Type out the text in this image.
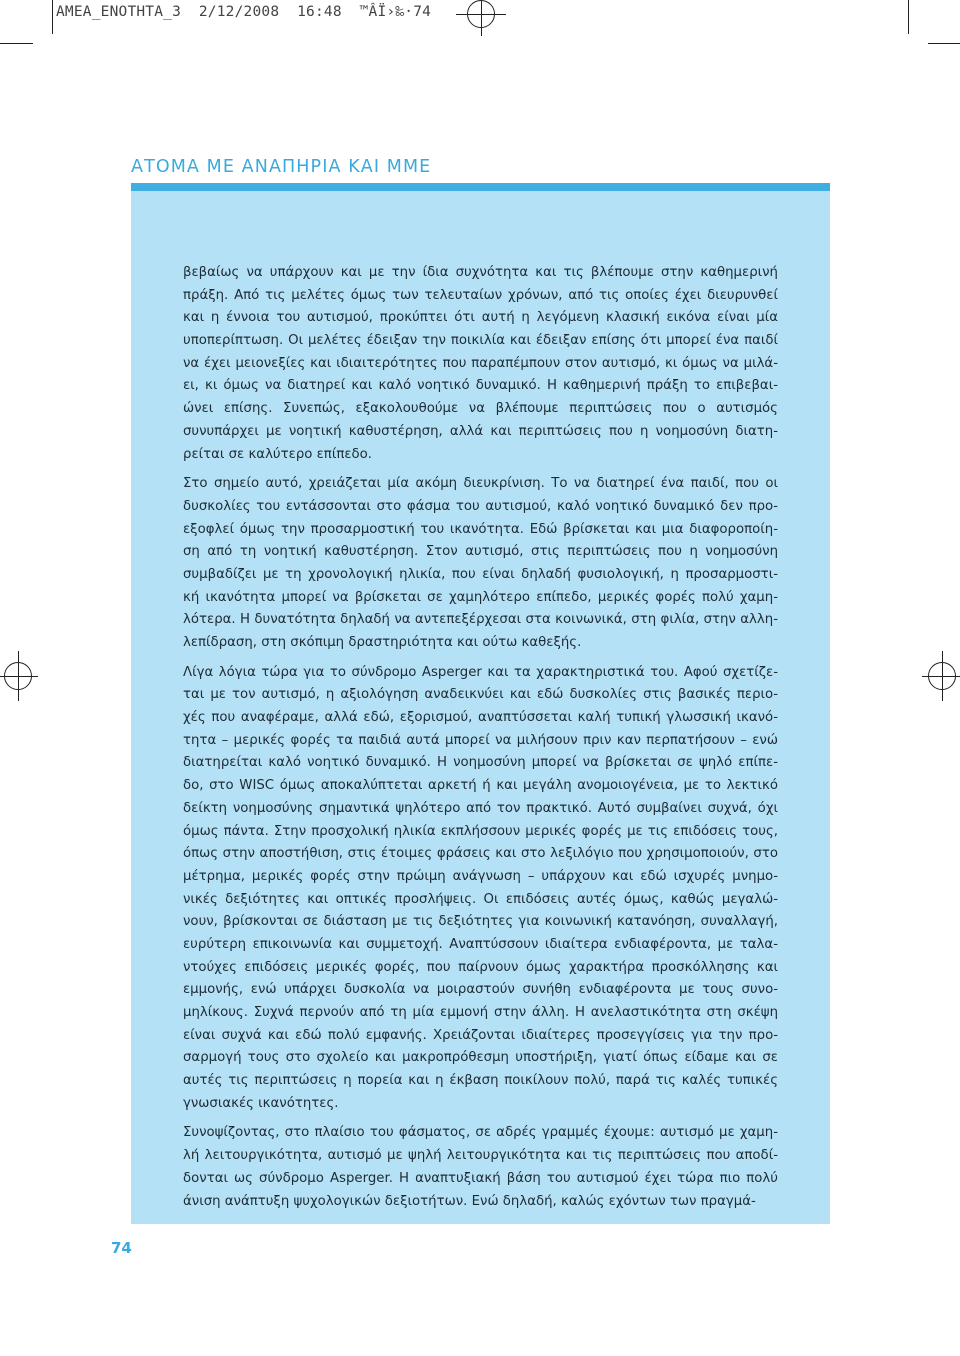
AMEA_ENOTHTA_3  2/12/2008  16:48  ™ÂÏ›‰·74
ΑΤΟΜΑ ΜΕ ΑΝΑΠΗΡΙΑ ΚΑΙ ΜΜΕ
βεβαίως να υπάρχουν και με την ίδια συχνότητα και τις βλέπουμε στην καθημερινή
πράξη. Από τις μελέτες όμως των τελευταίων χρόνων, από τις οποίες έχει διευρυνθεί
και η έννοια του αυτισμού, προκύπτει ότι αυτή η λεγόμενη κλασική εικόνα είναι μία
υποπερίπτωση. Οι μελέτες έδειξαν την ποικιλία και έδειξαν επίσης ότι μπορεί ένα παιδί
να έχει μειονεξίες και ιδιαιτερότητες που παραπέμπουν στον αυτισμό, κι όμως να μιλά-
ει, κι όμως να διατηρεί και καλό νοητικό δυναμικό. Η καθημερινή πράξη το επιβεβαι-
ώνει επίσης. Συνεπώς, εξακολουθούμε να βλέπουμε περιπτώσεις που ο αυτισμός
συνυπάρχει με νοητική καθυστέρηση, αλλά και περιπτώσεις που η νοημοσύνη διατη-
ρείται σε καλύτερο επίπεδο.
Στο σημείο αυτό, χρειάζεται μία ακόμη διευκρίνιση. Το να διατηρεί ένα παιδί, που οι
δυσκολίες του εντάσσονται στο φάσμα του αυτισμού, καλό νοητικό δυναμικό δεν προ-
εξοφλεί όμως την προσαρμοστική του ικανότητα. Εδώ βρίσκεται και μια διαφοροποίη-
ση από τη νοητική καθυστέρηση. Στον αυτισμό, στις περιπτώσεις που η νοημοσύνη
συμβαδίζει με τη χρονολογική ηλικία, που είναι δηλαδή φυσιολογική, η προσαρμοστι-
κή ικανότητα μπορεί να βρίσκεται σε χαμηλότερο επίπεδο, μερικές φορές πολύ χαμη-
λότερα. Η δυνατότητα δηλαδή να αντεπεξέρχεσαι στα κοινωνικά, στη φιλία, στην αλλη-
λεπίδραση, στη σκόπιμη δραστηριότητα και ούτω καθεξής.
Λίγα λόγια τώρα για το σύνδρομο Asperger και τα χαρακτηριστικά του. Αφού σχετίζε-
ται με τον αυτισμό, η αξιολόγηση αναδεικνύει και εδώ δυσκολίες στις βασικές περιο-
χές που αναφέραμε, αλλά εδώ, εξορισμού, αναπτύσσεται καλή τυπική γλωσσική ικανό-
τητα – μερικές φορές τα παιδιά αυτά μπορεί να μιλήσουν πριν καν περπατήσουν – ενώ
διατηρείται καλό νοητικό δυναμικό. Η νοημοσύνη μπορεί να βρίσκεται σε ψηλό επίπε-
δο, στο WISC όμως αποκαλύπτεται αρκετή ή και μεγάλη ανομοιογένεια, με το λεκτικό
δείκτη νοημοσύνης σημαντικά ψηλότερο από τον πρακτικό. Αυτό συμβαίνει συχνά, όχι
όμως πάντα. Στην προσχολική ηλικία εκπλήσσουν μερικές φορές με τις επιδόσεις τους,
όπως στην αποστήθιση, στις έτοιμες φράσεις και στο λεξιλόγιο που χρησιμοποιούν, στο
μέτρημα, μερικές φορές στην πρώιμη ανάγνωση – υπάρχουν και εδώ ισχυρές μνημο-
νικές δεξιότητες και οπτικές προσλήψεις. Οι επιδόσεις αυτές όμως, καθώς μεγαλώ-
νουν, βρίσκονται σε διάσταση με τις δεξιότητες για κοινωνική κατανόηση, συναλλαγή,
ευρύτερη επικοινωνία και συμμετοχή. Αναπτύσσουν ιδιαίτερα ενδιαφέροντα, με ταλα-
ντούχες επιδόσεις μερικές φορές, που παίρνουν όμως χαρακτήρα προσκόλλησης και
εμμονής, ενώ υπάρχει δυσκολία να μοιραστούν συνήθη ενδιαφέροντα με τους συνο-
μηλίκους. Συχνά περνούν από τη μία εμμονή στην άλλη. Η ανελαστικότητα στη σκέψη
είναι συχνά και εδώ πολύ εμφανής. Χρειάζονται ιδιαίτερες προσεγγίσεις για την προ-
σαρμογή τους στο σχολείο και μακροπρόθεσμη υποστήριξη, γιατί όπως είδαμε και σε
αυτές τις περιπτώσεις η πορεία και η έκβαση ποικίλουν πολύ, παρά τις καλές τυπικές
γνωσιακές ικανότητες.
Συνοψίζοντας, στο πλαίσιο του φάσματος, σε αδρές γραμμές έχουμε: αυτισμό με χαμη-
λή λειτουργικότητα, αυτισμό με ψηλή λειτουργικότητα και τις περιπτώσεις που αποδί-
δονται ως σύνδρομο Asperger. Η αναπτυξιακή βάση του αυτισμού έχει τώρα πιο πολύ
άνιση ανάπτυξη ψυχολογικών δεξιοτήτων. Ενώ δηλαδή, καλώς εχόντων των πραγμά-
74
